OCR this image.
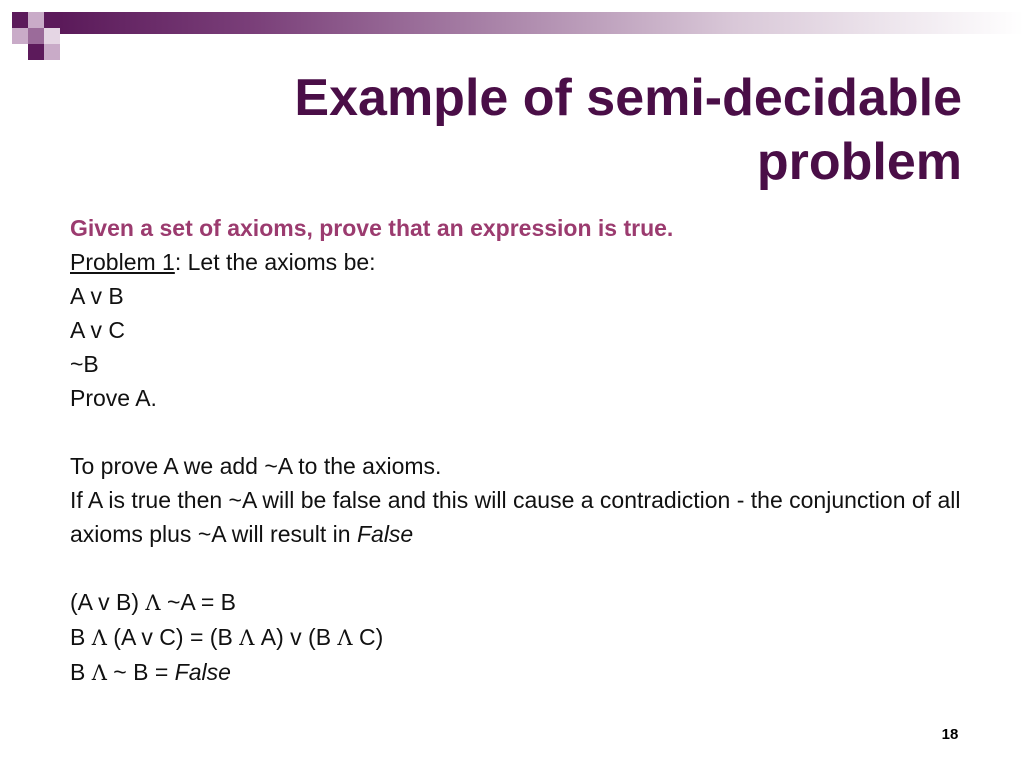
Example of semi-decidable
problem
Given a set of axioms, prove that an expression is true.
Problem 1: Let the axioms be:
A v B
A v C
~B
Prove A.
To prove A we add ~A to the axioms.
If A is true then ~A will be false and this will cause a contradiction - the conjunction of all axioms plus ~A will result in False
(A v B) Λ ~A = B
B Λ (A v C) = (B Λ A) v (B Λ C)
B Λ ~ B = False
18
